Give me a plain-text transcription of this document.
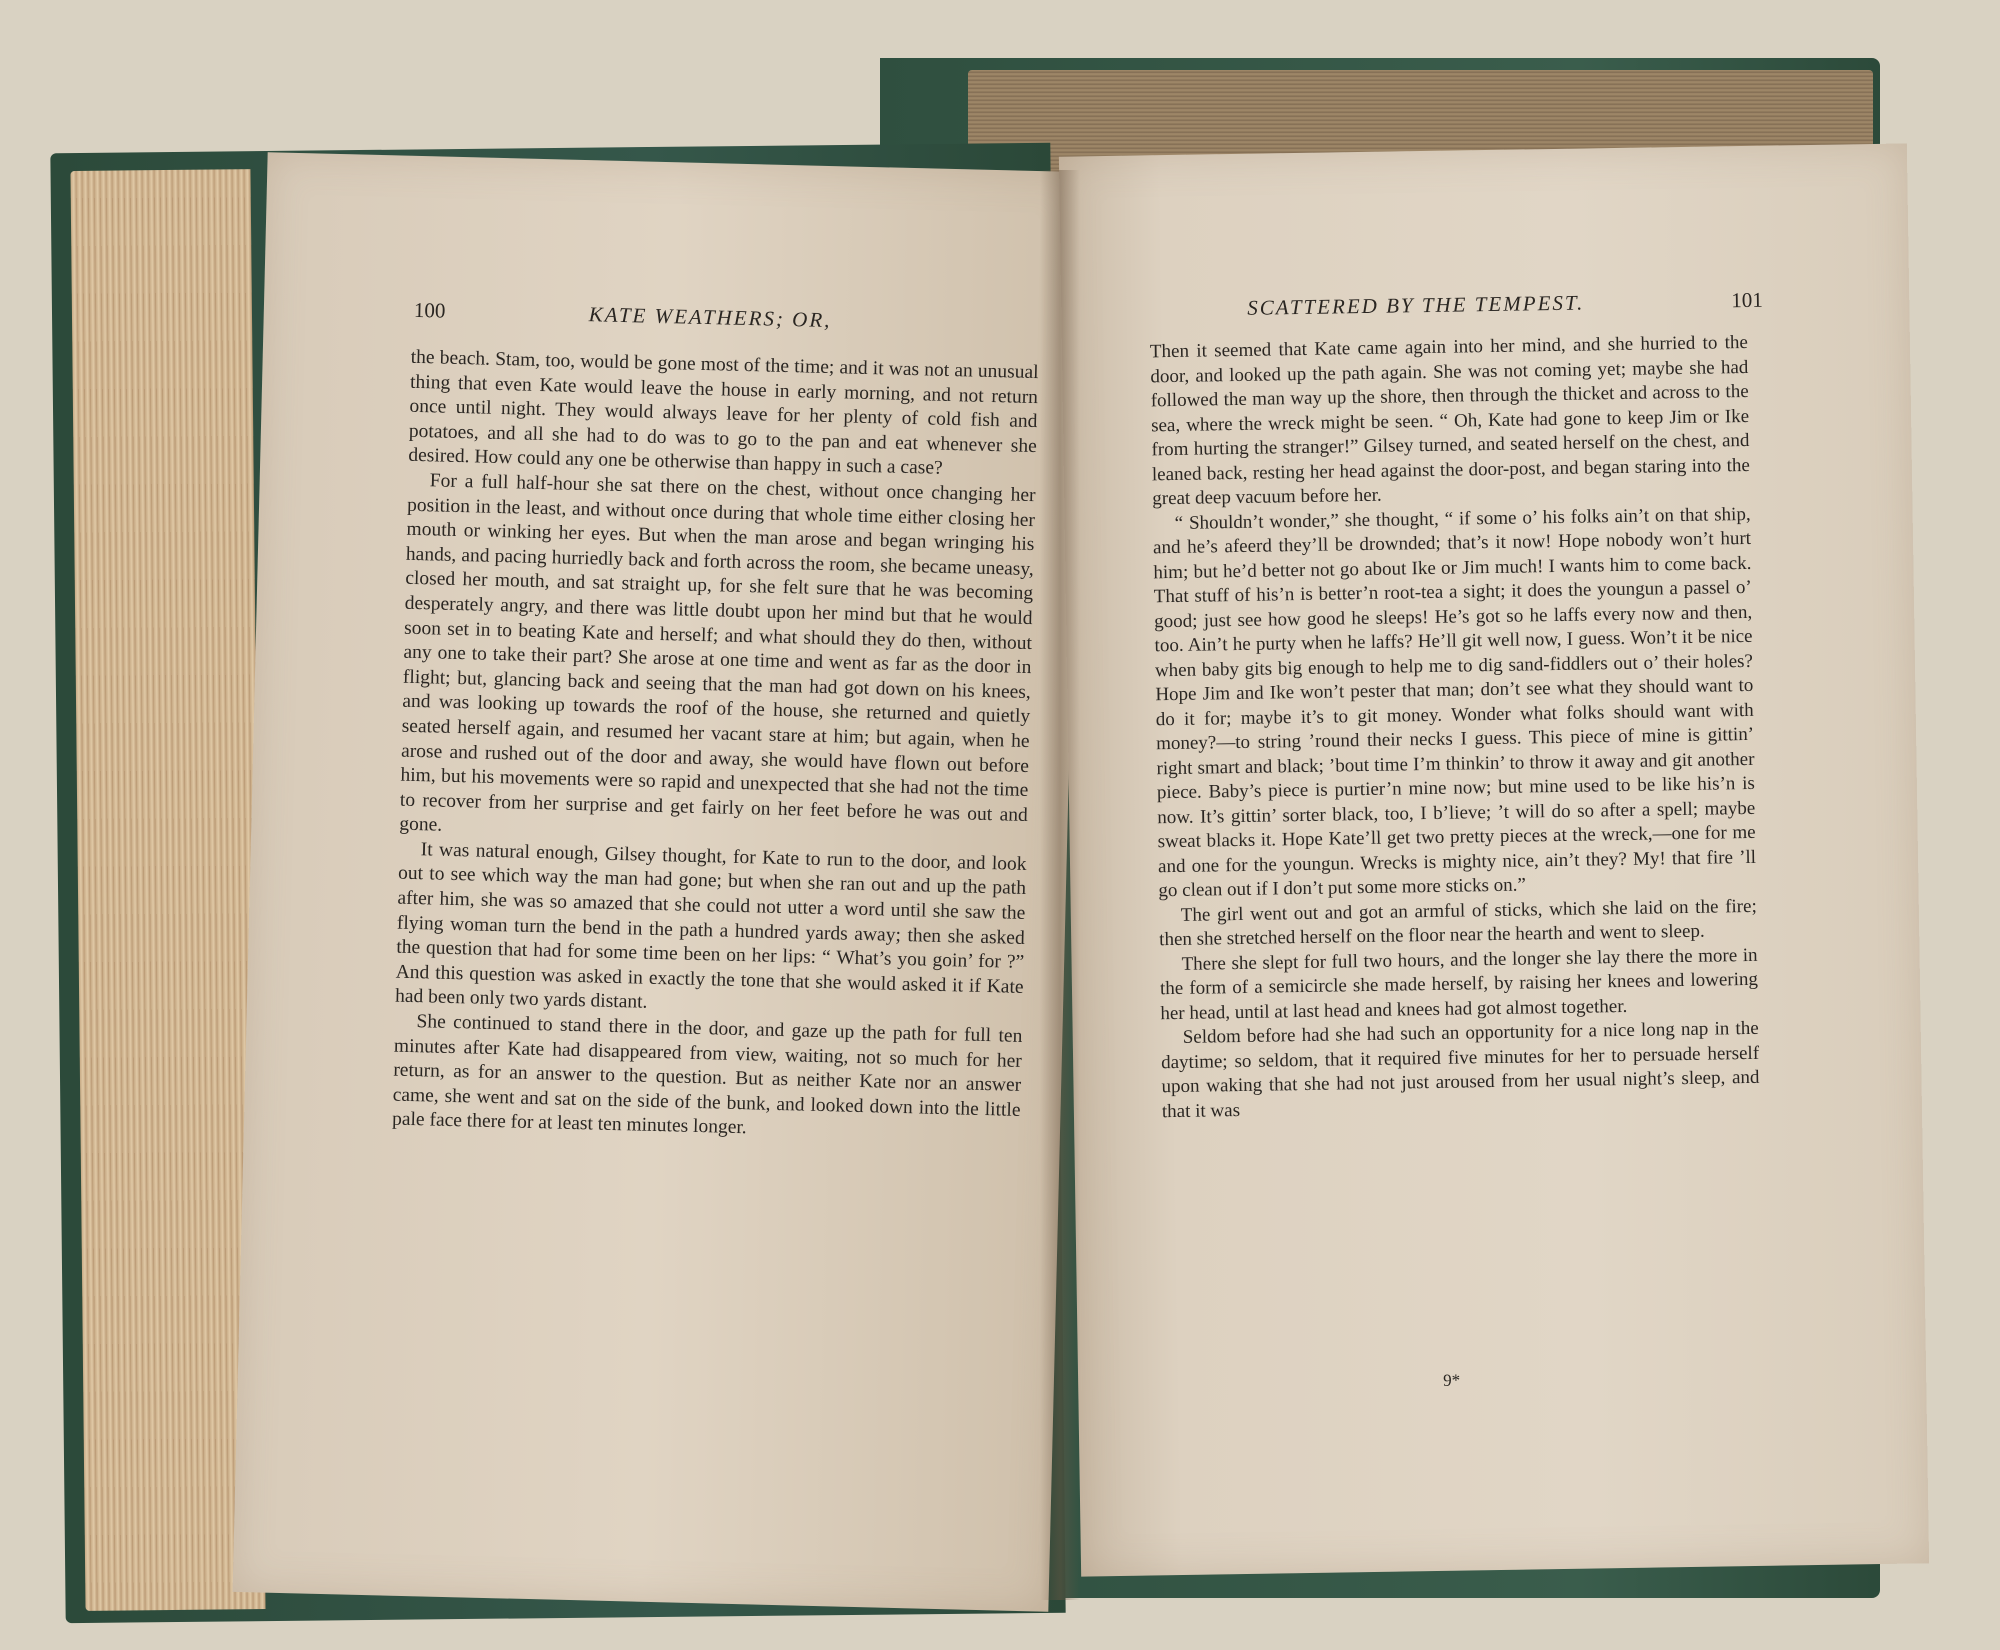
100	KATE WEATHERS; OR,

the beach. Stam, too, would be gone most of the time; and it was not an unusual thing that even Kate would leave the house in early morning, and not return once until night. They would always leave for her plenty of cold fish and potatoes, and all she had to do was to go to the pan and eat whenever she desired. How could any one be otherwise than happy in such a case?

For a full half-hour she sat there on the chest, without once changing her position in the least, and without once during that whole time either closing her mouth or winking her eyes. But when the man arose and began wringing his hands, and pacing hurriedly back and forth across the room, she became uneasy, closed her mouth, and sat straight up, for she felt sure that he was becoming desperately angry, and there was little doubt upon her mind but that he would soon set in to beating Kate and herself; and what should they do then, without any one to take their part? She arose at one time and went as far as the door in flight; but, glancing back and seeing that the man had got down on his knees, and was looking up towards the roof of the house, she returned and quietly seated herself again, and resumed her vacant stare at him; but again, when he arose and rushed out of the door and away, she would have flown out before him, but his movements were so rapid and unexpected that she had not the time to recover from her surprise and get fairly on her feet before he was out and gone.

It was natural enough, Gilsey thought, for Kate to run to the door, and look out to see which way the man had gone; but when she ran out and up the path after him, she was so amazed that she could not utter a word until she saw the flying woman turn the bend in the path a hundred yards away; then she asked the question that had for some time been on her lips: “ What’s you goin’ for ?” And this question was asked in exactly the tone that she would asked it if Kate had been only two yards distant.

She continued to stand there in the door, and gaze up the path for full ten minutes after Kate had disappeared from view, waiting, not so much for her return, as for an answer to the question. But as neither Kate nor an answer came, she went and sat on the side of the bunk, and looked down into the little pale face there for at least ten minutes longer.

SCATTERED BY THE TEMPEST.	101

Then it seemed that Kate came again into her mind, and she hurried to the door, and looked up the path again. She was not coming yet; maybe she had followed the man way up the shore, then through the thicket and across to the sea, where the wreck might be seen. “ Oh, Kate had gone to keep Jim or Ike from hurting the stranger!” Gilsey turned, and seated herself on the chest, and leaned back, resting her head against the door-post, and began staring into the great deep vacuum before her.

“ Shouldn’t wonder,” she thought, “ if some o’ his folks ain’t on that ship, and he’s afeerd they’ll be drownded; that’s it now! Hope nobody won’t hurt him; but he’d better not go about Ike or Jim much! I wants him to come back. That stuff of his’n is better’n root-tea a sight; it does the youngun a passel o’ good; just see how good he sleeps! He’s got so he laffs every now and then, too. Ain’t he purty when he laffs? He’ll git well now, I guess. Won’t it be nice when baby gits big enough to help me to dig sand-fiddlers out o’ their holes? Hope Jim and Ike won’t pester that man; don’t see what they should want to do it for; maybe it’s to git money. Wonder what folks should want with money?—to string ’round their necks I guess. This piece of mine is gittin’ right smart and black; ’bout time I’m thinkin’ to throw it away and git another piece. Baby’s piece is purtier’n mine now; but mine used to be like his’n is now. It’s gittin’ sorter black, too, I b’lieve; ’t will do so after a spell; maybe sweat blacks it. Hope Kate’ll get two pretty pieces at the wreck,—one for me and one for the youngun. Wrecks is mighty nice, ain’t they? My! that fire ’ll go clean out if I don’t put some more sticks on.”

The girl went out and got an armful of sticks, which she laid on the fire; then she stretched herself on the floor near the hearth and went to sleep.

There she slept for full two hours, and the longer she lay there the more in the form of a semicircle she made herself, by raising her knees and lowering her head, until at last head and knees had got almost together.

Seldom before had she had such an opportunity for a nice long nap in the daytime; so seldom, that it required five minutes for her to persuade herself upon waking that she had not just aroused from her usual night’s sleep, and that it was

9*
